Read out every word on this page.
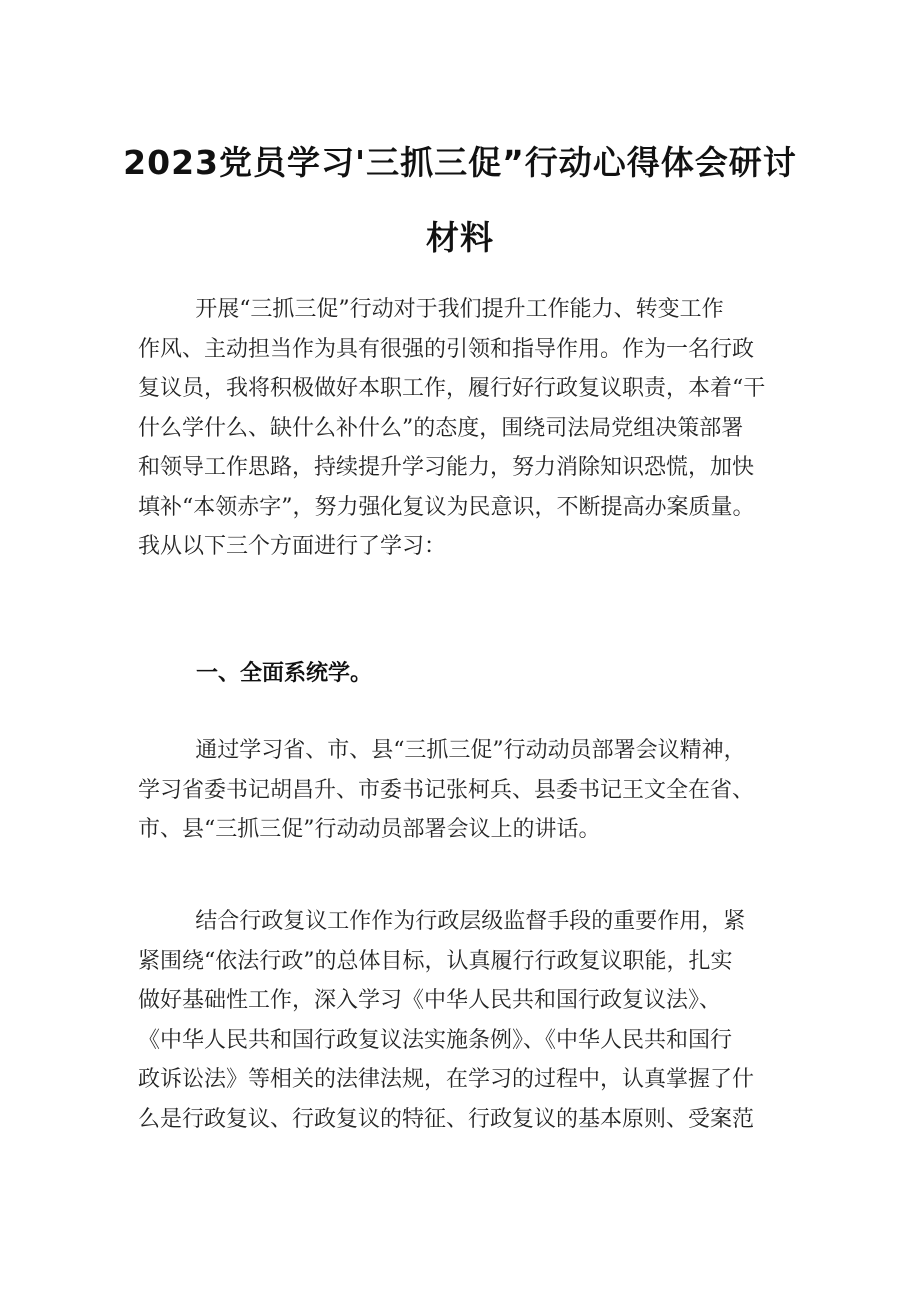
2023党员学习'三抓三促”行动心得体会研讨
材料

开展“三抓三促”行动对于我们提升工作能力、转变工作

作风、主动担当作为具有很强的引领和指导作用。作为一名行政

复议员，我将积极做好本职工作，履行好行政复议职责，本着“干

什么学什么、缺什么补什么”的态度，围绕司法局党组决策部署

和领导工作思路，持续提升学习能力，努力消除知识恐慌，加快

填补“本领赤字”，努力强化复议为民意识，不断提高办案质量。

我从以下三个方面进行了学习：

一、全面系统学。

通过学习省、市、县“三抓三促”行动动员部署会议精神，

学习省委书记胡昌升、市委书记张柯兵、县委书记王文全在省、

市、县“三抓三促”行动动员部署会议上的讲话。

结合行政复议工作作为行政层级监督手段的重要作用，紧

紧围绕“依法行政”的总体目标，认真履行行政复议职能，扎实

做好基础性工作，深入学习《中华人民共和国行政复议法》、

《中华人民共和国行政复议法实施条例》、《中华人民共和国行

政诉讼法》等相关的法律法规，在学习的过程中，认真掌握了什

么是行政复议、行政复议的特征、行政复议的基本原则、受案范
